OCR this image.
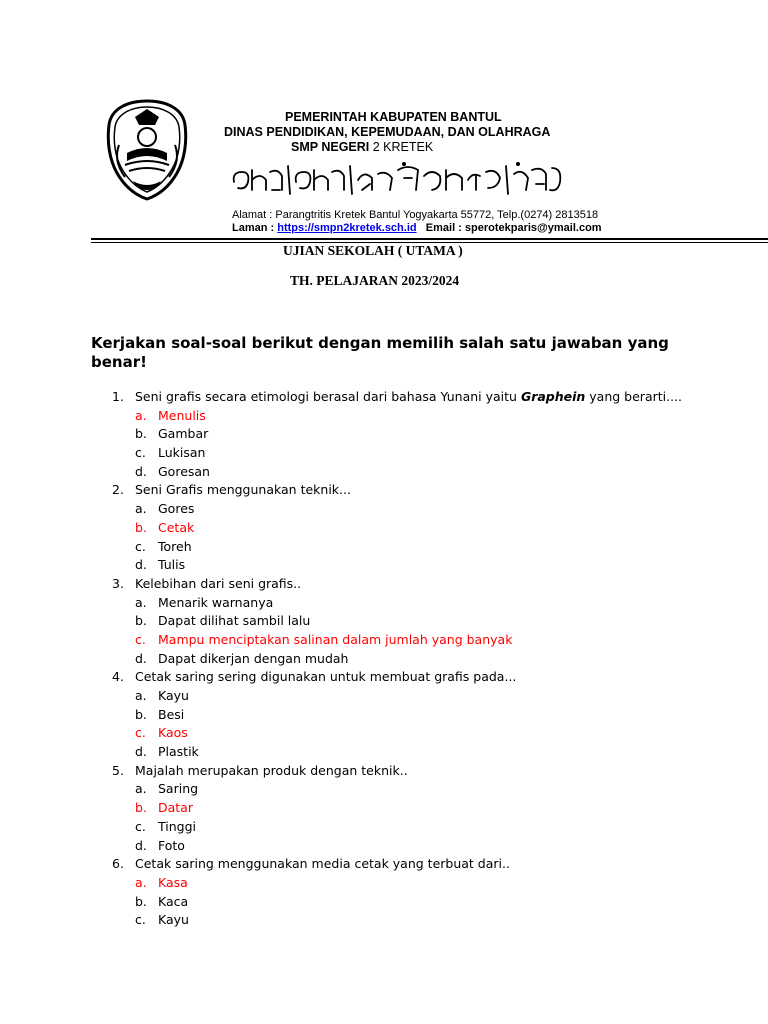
PEMERINTAH KABUPATEN BANTUL
DINAS PENDIDIKAN, KEPEMUDAAN, DAN OLAHRAGA
SMP NEGERI 2 KRETEK
Alamat : Parangtritis Kretek Bantul Yogyakarta 55772, Telp.(0274) 2813518
Laman : https://smpn2kretek.sch.id   Email : sperotekparis@ymail.com
UJIAN SEKOLAH ( UTAMA )
TH. PELAJARAN 2023/2024
Kerjakan soal-soal berikut dengan memilih salah satu jawaban yang benar!
1. Seni grafis secara etimologi berasal dari bahasa Yunani yaitu Graphein yang berarti....
a. Menulis
b. Gambar
c. Lukisan
d. Goresan
2. Seni Grafis menggunakan teknik...
a. Gores
b. Cetak
c. Toreh
d. Tulis
3. Kelebihan dari seni grafis..
a. Menarik warnanya
b. Dapat dilihat sambil lalu
c. Mampu menciptakan salinan dalam jumlah yang banyak
d. Dapat dikerjan dengan mudah
4. Cetak saring sering digunakan untuk membuat grafis pada...
a. Kayu
b. Besi
c. Kaos
d. Plastik
5. Majalah merupakan produk dengan teknik..
a. Saring
b. Datar
c. Tinggi
d. Foto
6. Cetak saring menggunakan media cetak yang terbuat dari..
a. Kasa
b. Kaca
c. Kayu
